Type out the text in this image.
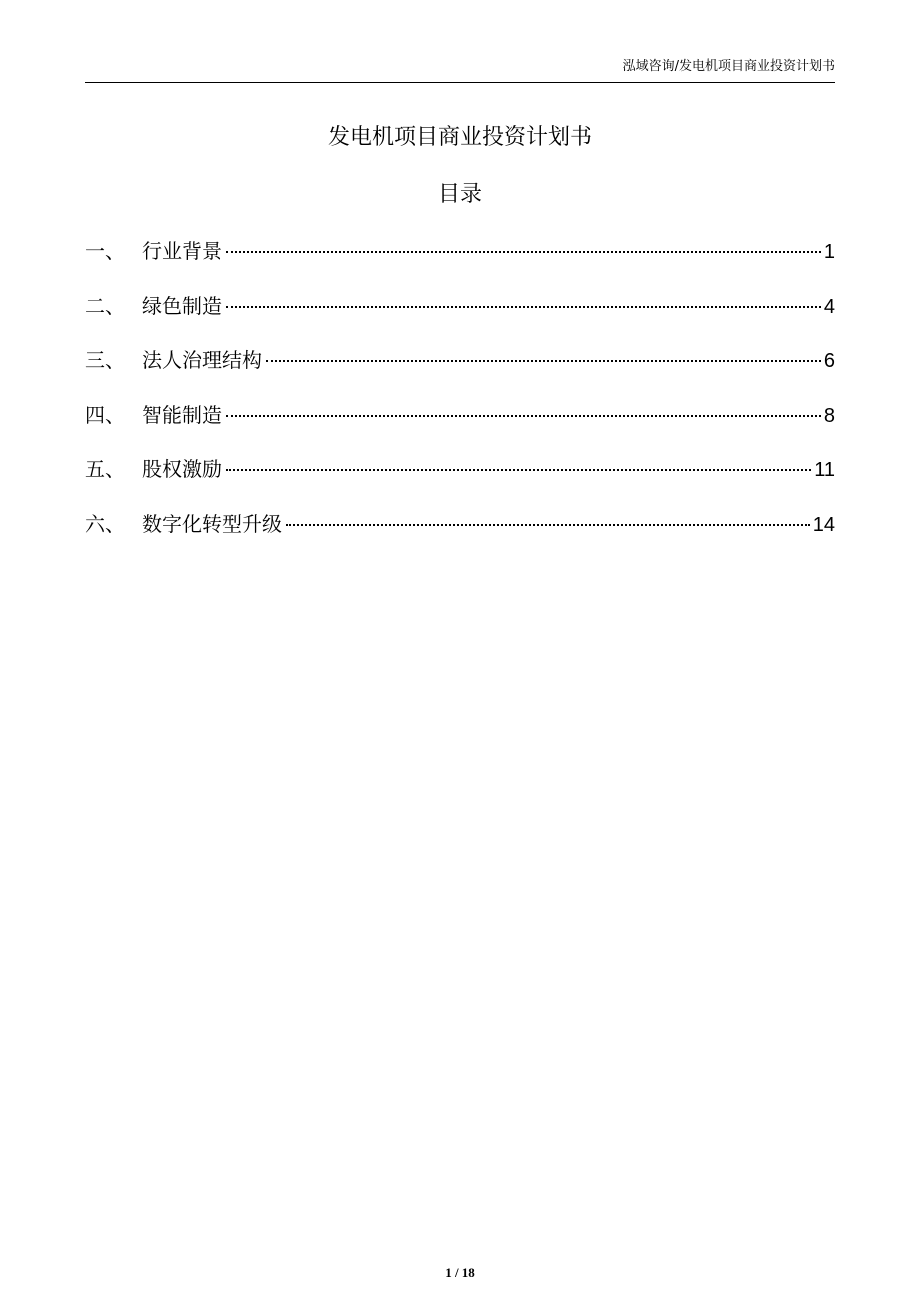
泓域咨询/发电机项目商业投资计划书
发电机项目商业投资计划书
目录
一、 行业背景	1
二、 绿色制造	4
三、 法人治理结构	6
四、 智能制造	8
五、 股权激励	11
六、 数字化转型升级	14
1 / 18
